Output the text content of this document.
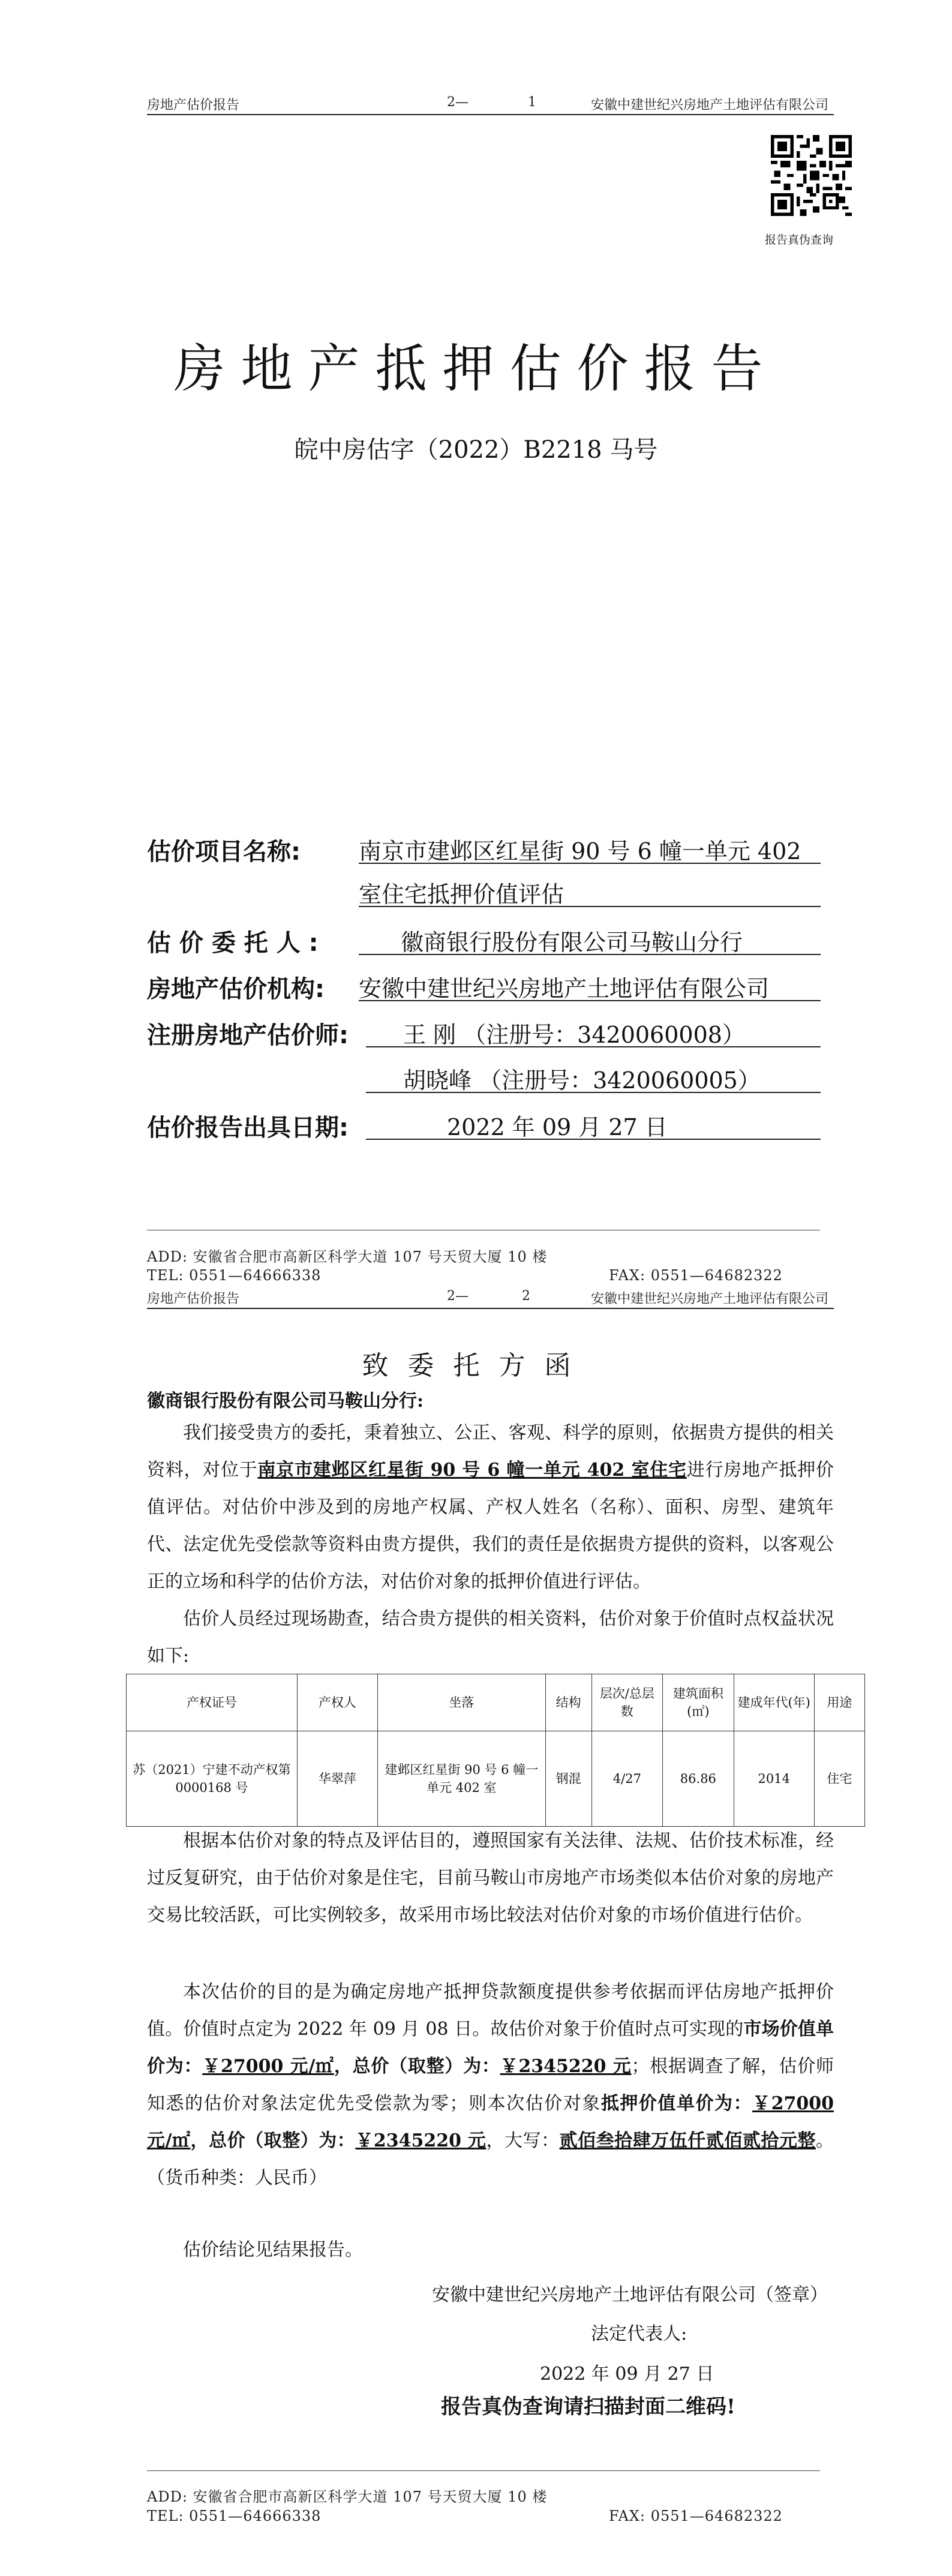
房地产估价报告	2—	1	安徽中建世纪兴房地产土地评估有限公司
报告真伪查询
房地产抵押估价报告
皖中房估字（2022）B2218 马号
估价项目名称:	南京市建邺区红星街 90 号 6 幢一单元 402
室住宅抵押价值评估
估 价 委 托 人 :	徽商银行股份有限公司马鞍山分行
房地产估价机构: 安徽中建世纪兴房地产土地评估有限公司
注册房地产估价师: 王 刚 （注册号：3420060008）
胡晓峰 （注册号：3420060005）
估价报告出具日期:	2022 年 09 月 27 日
ADD: 安徽省合肥市高新区科学大道 107 号天贸大厦 10 楼
TEL: 0551—64666338	FAX: 0551—64682322
房地产估价报告	2—	2	安徽中建世纪兴房地产土地评估有限公司
致委托方函
徽商银行股份有限公司马鞍山分行:
我们接受贵方的委托，秉着独立、公正、客观、科学的原则，依据贵方提供的相关资料，对位于南京市建邺区红星街 90 号 6 幢一单元 402 室住宅进行房地产抵押价值评估。对估价中涉及到的房地产权属、产权人姓名（名称）、面积、房型、建筑年代、法定优先受偿款等资料由贵方提供，我们的责任是依据贵方提供的资料，以客观公正的立场和科学的估价方法，对估价对象的抵押价值进行评估。
估价人员经过现场勘查，结合贵方提供的相关资料，估价对象于价值时点权益状况如下:
产权证号	产权人	坐落	结构	层次/总层数	建筑面积(㎡)	建成年代(年)	用途
苏（2021）宁建不动产权第 0000168 号	华翠萍	建邺区红星街 90 号 6 幢一单元 402 室	钢混	4/27	86.86	2014	住宅
根据本估价对象的特点及评估目的，遵照国家有关法律、法规、估价技术标准，经过反复研究，由于估价对象是住宅，目前马鞍山市房地产市场类似本估价对象的房地产交易比较活跃，可比实例较多，故采用市场比较法对估价对象的市场价值进行估价。
本次估价的目的是为确定房地产抵押贷款额度提供参考依据而评估房地产抵押价值。价值时点定为 2022 年 09 月 08 日。故估价对象于价值时点可实现的市场价值单价为：￥27000 元/㎡，总价（取整）为：￥2345220 元；根据调查了解，估价师知悉的估价对象法定优先受偿款为零；则本次估价对象抵押价值单价为：￥27000 元/㎡，总价（取整）为：￥2345220 元，大写：贰佰叁拾肆万伍仟贰佰贰拾元整。（货币种类：人民币）
估价结论见结果报告。
安徽中建世纪兴房地产土地评估有限公司（签章）
法定代表人:
2022 年 09 月 27 日
报告真伪查询请扫描封面二维码!
ADD: 安徽省合肥市高新区科学大道 107 号天贸大厦 10 楼
TEL: 0551—64666338	FAX: 0551—64682322
